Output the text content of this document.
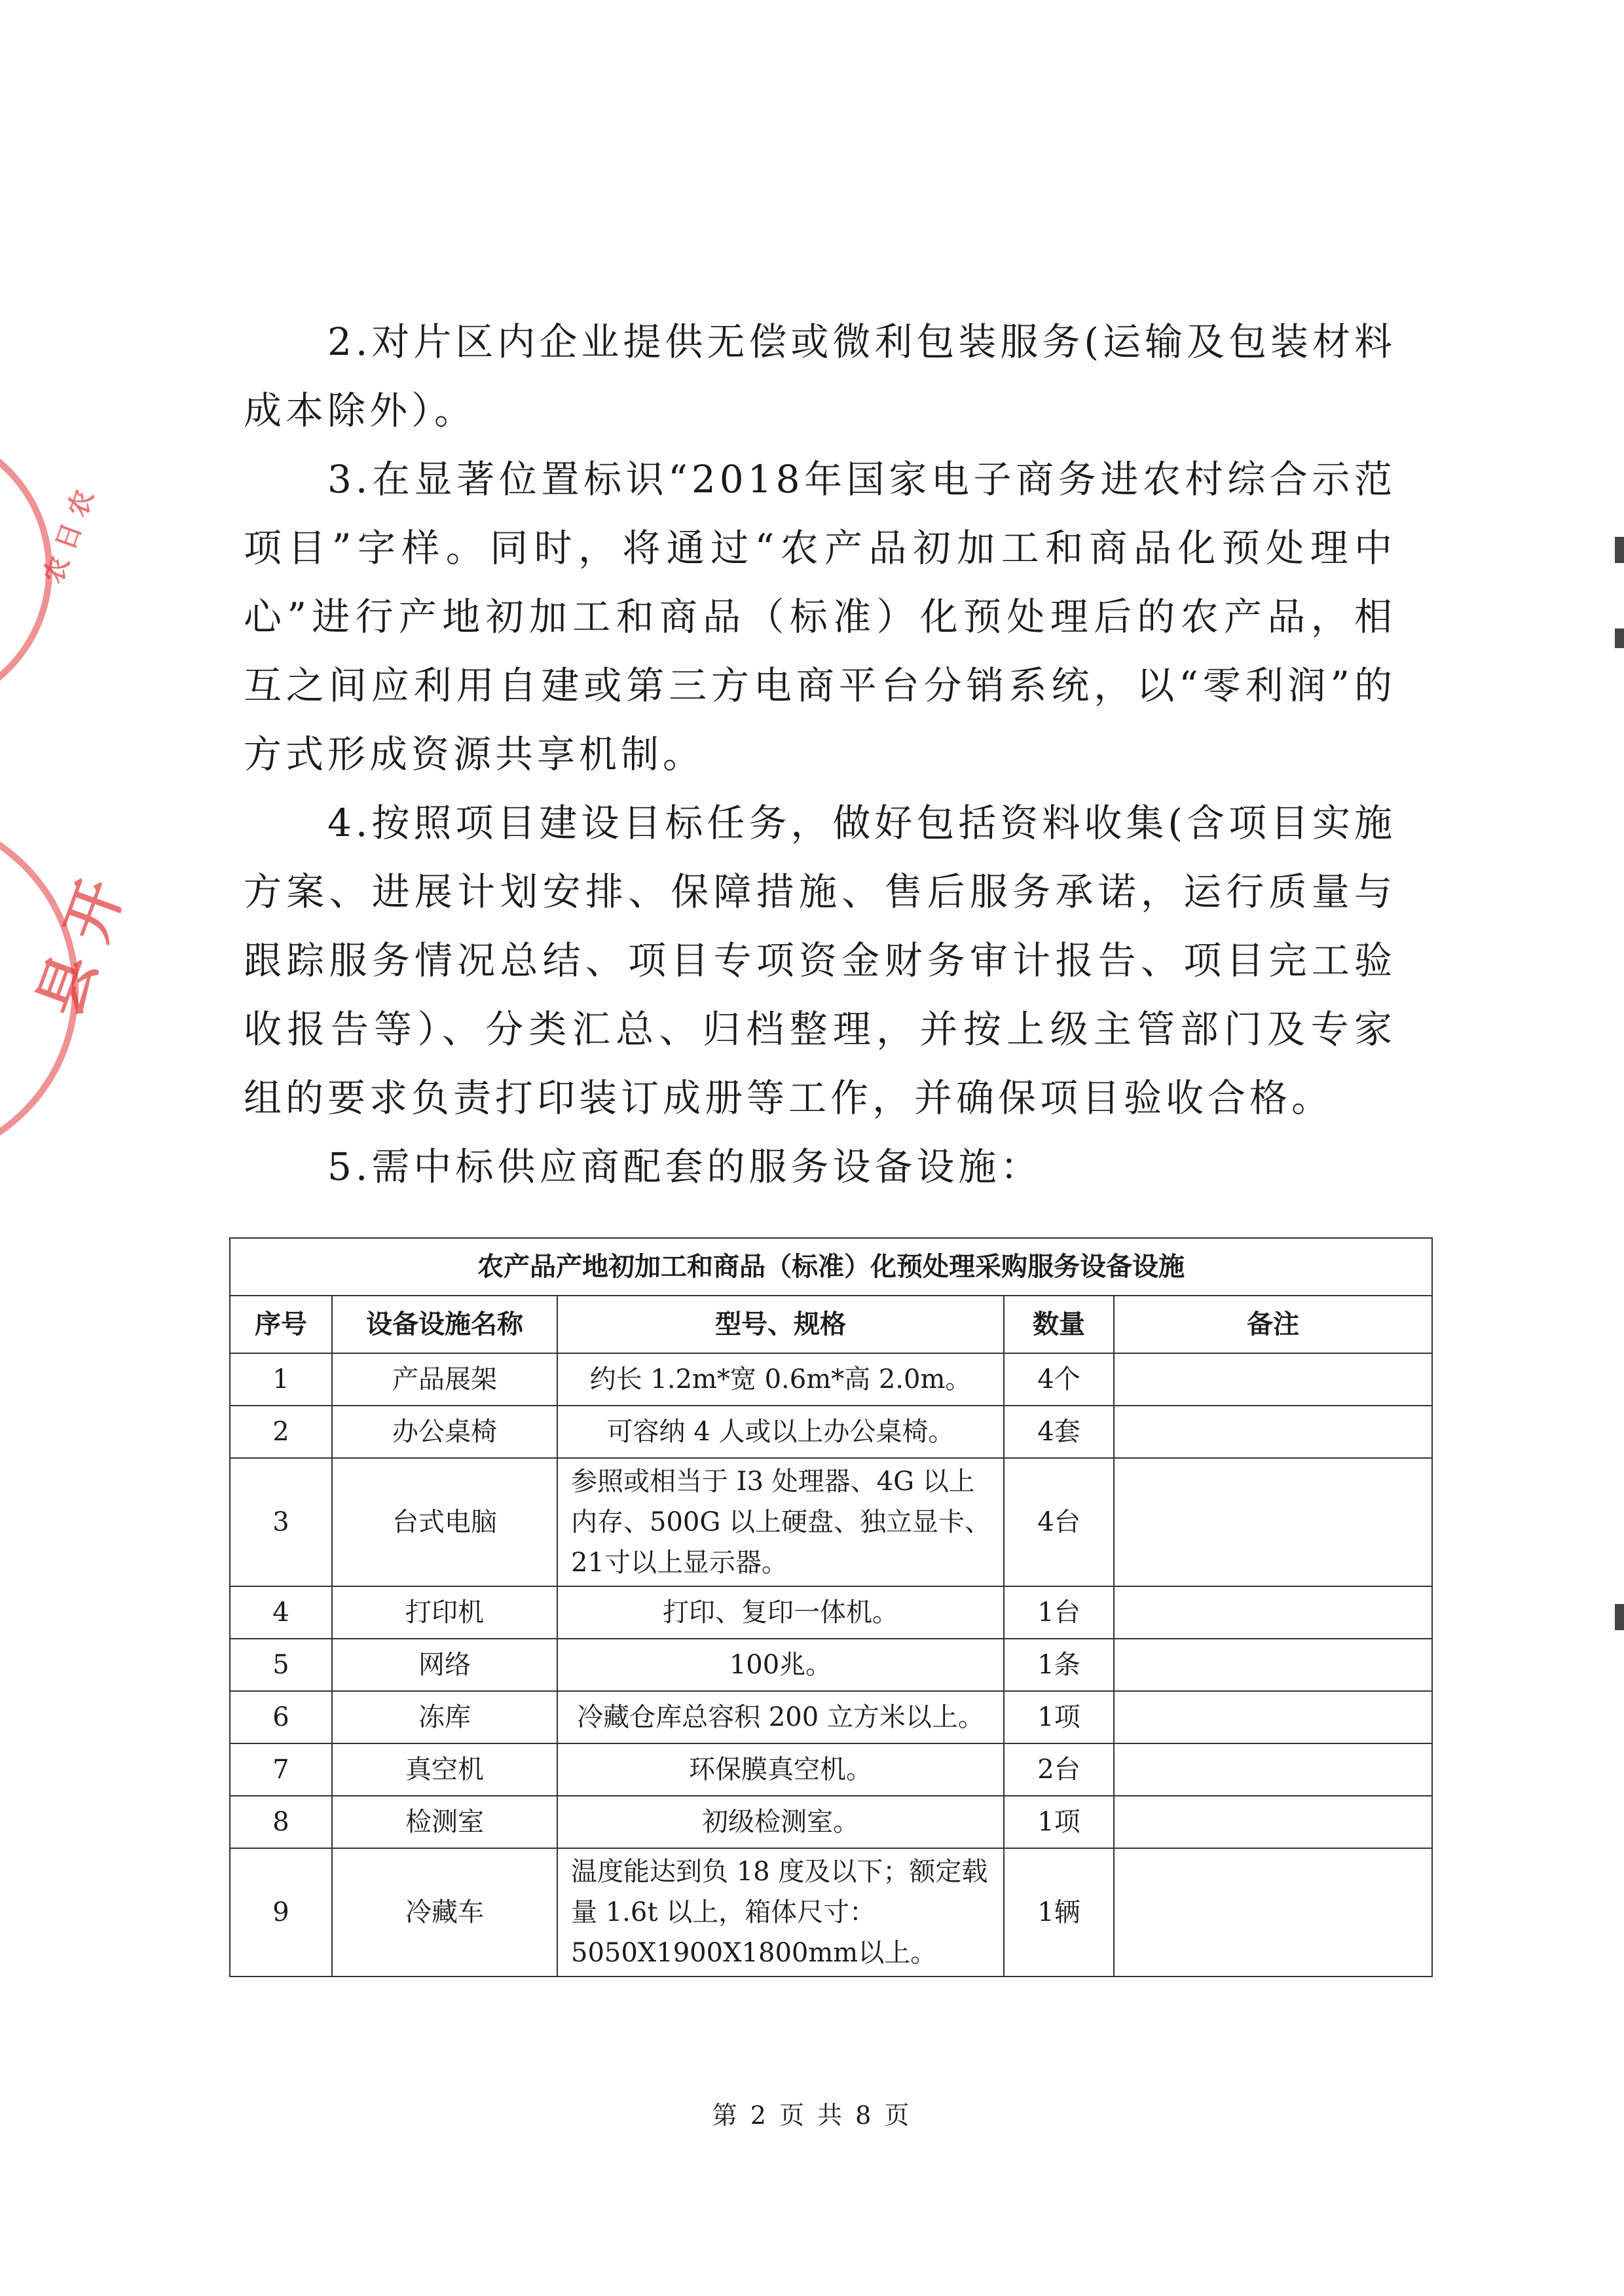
农 日 农
县 开

2.对片区内企业提供无偿或微利包装服务(运输及包装材料成本除外）。

3.在显著位置标识“2018年国家电子商务进农村综合示范项目”字样。同时，将通过“农产品初加工和商品化预处理中心”进行产地初加工和商品（标准）化预处理后的农产品，相互之间应利用自建或第三方电商平台分销系统，以“零利润”的方式形成资源共享机制。

4.按照项目建设目标任务，做好包括资料收集(含项目实施方案、进展计划安排、保障措施、售后服务承诺，运行质量与跟踪服务情况总结、项目专项资金财务审计报告、项目完工验收报告等）、分类汇总、归档整理，并按上级主管部门及专家组的要求负责打印装订成册等工作，并确保项目验收合格。

5.需中标供应商配套的服务设备设施：

农产品产地初加工和商品（标准）化预处理采购服务设备设施				
序号	设备设施名称	型号、规格	数量	备注
1	产品展架	约长 1.2m*宽 0.6m*高 2.0m。	4个	
2	办公桌椅	可容纳 4 人或以上办公桌椅。	4套	
3	台式电脑	参照或相当于 I3 处理器、4G 以上内存、500G 以上硬盘、独立显卡、21寸以上显示器。	4台	
4	打印机	打印、复印一体机。	1台	
5	网络	100兆。	1条	
6	冻库	冷藏仓库总容积 200 立方米以上。	1项	
7	真空机	环保膜真空机。	2台	
8	检测室	初级检测室。	1项	
9	冷藏车	温度能达到负 18 度及以下；额定载量 1.6t 以上，箱体尺寸：5050X1900X1800mm以上。	1辆	
第 2 页 共 8 页
